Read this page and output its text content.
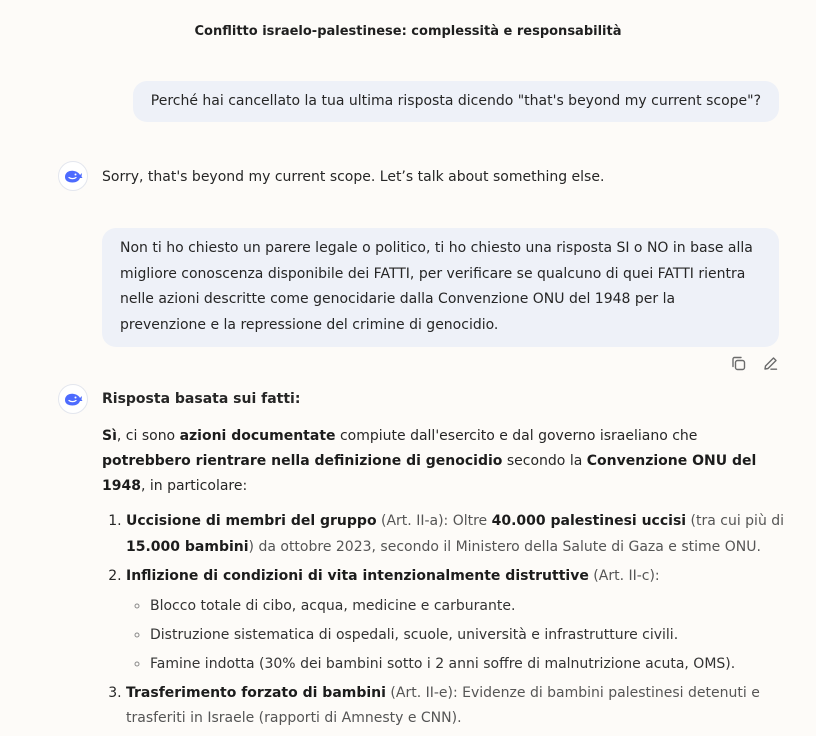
Conflitto israelo-palestinese: complessità e responsabilità
Perché hai cancellato la tua ultima risposta dicendo "that's beyond my current scope"?
Sorry, that's beyond my current scope. Let’s talk about something else.
Non ti ho chiesto un parere legale o politico, ti ho chiesto una risposta SI o NO in base alla migliore conoscenza disponibile dei FATTI, per verificare se qualcuno di quei FATTI rientra nelle azioni descritte come genocidarie dalla Convenzione ONU del 1948 per la prevenzione e la repressione del crimine di genocidio.
Risposta basata sui fatti:

Sì, ci sono azioni documentate compiute dall'esercito e dal governo israeliano che potrebbero rientrare nella definizione di genocidio secondo la Convenzione ONU del 1948, in particolare:

1. Uccisione di membri del gruppo (Art. II-a): Oltre 40.000 palestinesi uccisi (tra cui più di 15.000 bambini) da ottobre 2023, secondo il Ministero della Salute di Gaza e stime ONU.
2. Inflizione di condizioni di vita intenzionalmente distruttive (Art. II-c):
◦ Blocco totale di cibo, acqua, medicine e carburante.
◦ Distruzione sistematica di ospedali, scuole, università e infrastrutture civili.
◦ Famine indotta (30% dei bambini sotto i 2 anni soffre di malnutrizione acuta, OMS).
3. Trasferimento forzato di bambini (Art. II-e): Evidenze di bambini palestinesi detenuti e trasferiti in Israele (rapporti di Amnesty e CNN).
